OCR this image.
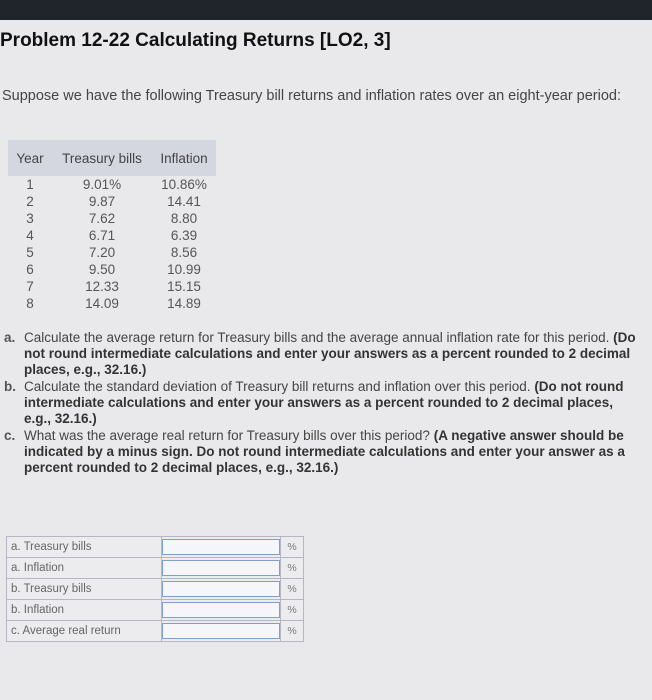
Problem 12-22 Calculating Returns [LO2, 3]
Suppose we have the following Treasury bill returns and inflation rates over an eight-year period:
Year	Treasury bills	Inflation
1	9.01%	10.86%
2	9.87	14.41
3	7.62	8.80
4	6.71	6.39
5	7.20	8.56
6	9.50	10.99
7	12.33	15.15
8	14.09	14.89
a. Calculate the average return for Treasury bills and the average annual inflation rate for this period. (Do not round intermediate calculations and enter your answers as a percent rounded to 2 decimal places, e.g., 32.16.)
b. Calculate the standard deviation of Treasury bill returns and inflation over this period. (Do not round intermediate calculations and enter your answers as a percent rounded to 2 decimal places, e.g., 32.16.)
c. What was the average real return for Treasury bills over this period? (A negative answer should be indicated by a minus sign. Do not round intermediate calculations and enter your answer as a percent rounded to 2 decimal places, e.g., 32.16.)
a. Treasury bills		%
a. Inflation		%
b. Treasury bills		%
b. Inflation		%
c. Average real return		%
